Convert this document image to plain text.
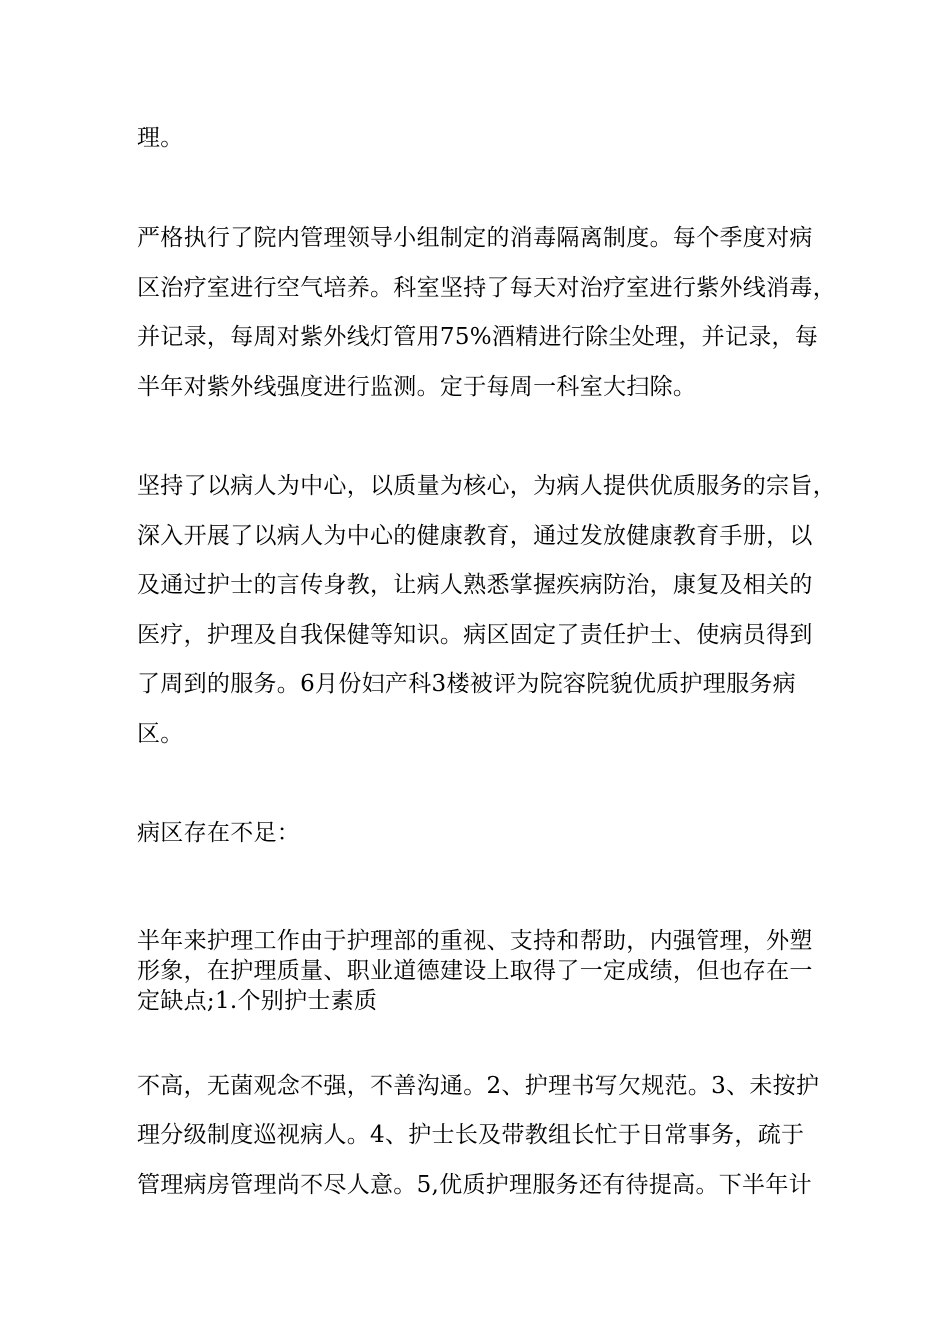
理。

严格执行了院内管理领导小组制定的消毒隔离制度。每个季度对病

区治疗室进行空气培养。科室坚持了每天对治疗室进行紫外线消毒，

并记录，每周对紫外线灯管用75%酒精进行除尘处理，并记录，每

半年对紫外线强度进行监测。定于每周一科室大扫除。

坚持了以病人为中心，以质量为核心，为病人提供优质服务的宗旨，

深入开展了以病人为中心的健康教育，通过发放健康教育手册，以

及通过护士的言传身教，让病人熟悉掌握疾病防治，康复及相关的

医疗，护理及自我保健等知识。病区固定了责任护士、使病员得到

了周到的服务。6月份妇产科3楼被评为院容院貌优质护理服务病

区。

病区存在不足：

半年来护理工作由于护理部的重视、支持和帮助，内强管理，外塑

形象，在护理质量、职业道德建设上取得了一定成绩，但也存在一

定缺点;1.个别护士素质

不高，无菌观念不强，不善沟通。2、护理书写欠规范。3、未按护

理分级制度巡视病人。4、护士长及带教组长忙于日常事务，疏于

管理病房管理尚不尽人意。5,优质护理服务还有待提高。下半年计
